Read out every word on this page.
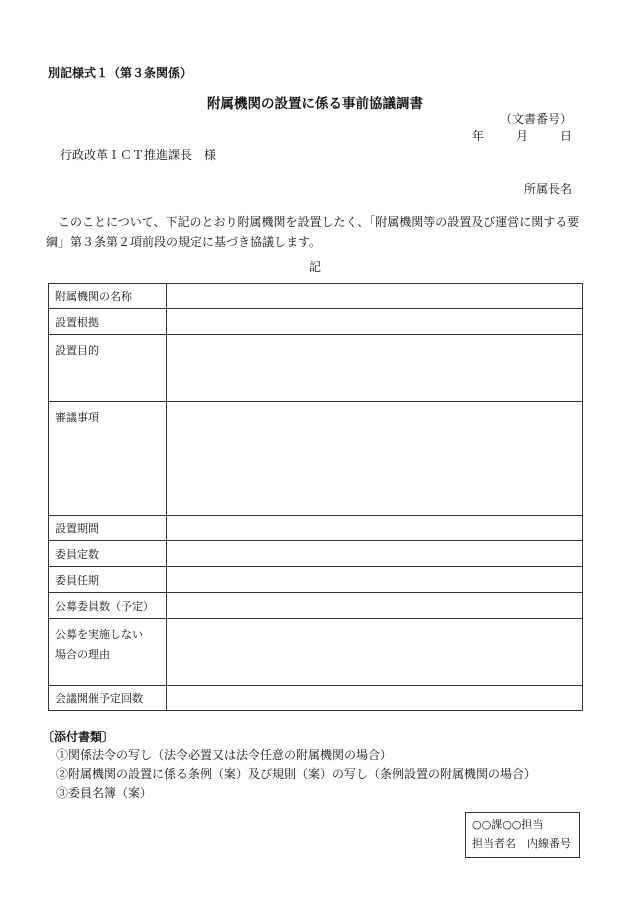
別記様式１（第３条関係）
附属機関の設置に係る事前協議調書
（文書番号）
年	月	日
行政改革ＩＣＴ推進課長　様
所属長名
　このことについて、下記のとおり附属機関を設置したく、「附属機関等の設置及び運営に関する要綱」第３条第２項前段の規定に基づき協議します。
記
附属機関の名称	
設置根拠	
設置目的	
審議事項	
設置期間	
委員定数	
委員任期	
公募委員数（予定）	

公募を実施しない
場合の理由	

会議開催予定回数	
〔添付書類〕
①関係法令の写し（法令必置又は法令任意の附属機関の場合）
②附属機関の設置に係る条例（案）及び規則（案）の写し（条例設置の附属機関の場合）
③委員名簿（案）
○○課○○担当
担当者名　内線番号
